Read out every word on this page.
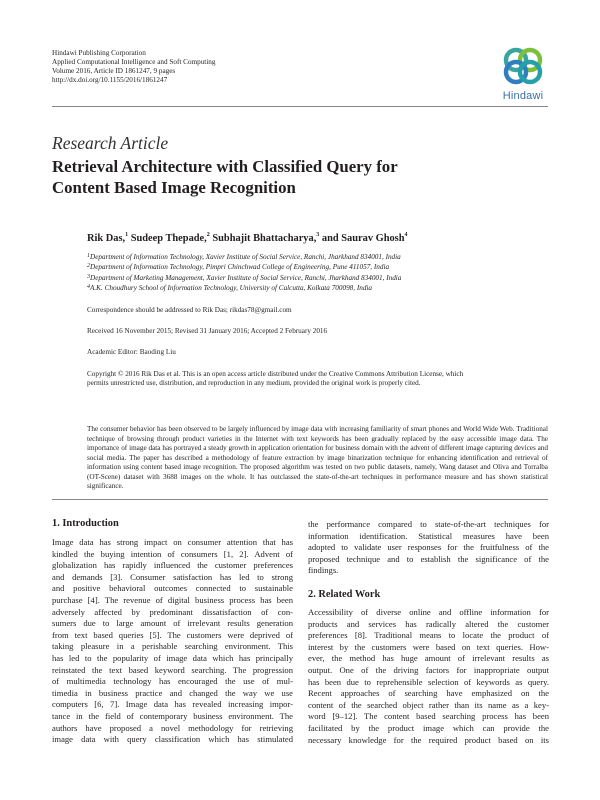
Hindawi Publishing Corporation
Applied Computational Intelligence and Soft Computing
Volume 2016, Article ID 1861247, 9 pages
http://dx.doi.org/10.1155/2016/1861247
Hindawi
Research Article
Retrieval Architecture with Classified Query for
Content Based Image Recognition
Rik Das,$^1$ Sudeep Thepade,$^2$ Subhajit Bhattacharya,$^3$ and Saurav Ghosh$^4$
$^1$Department of Information Technology, Xavier Institute of Social Service, Ranchi, Jharkhand 834001, India
$^2$Department of Information Technology, Pimpri Chinchwad College of Engineering, Pune 411057, India
$^3$Department of Marketing Management, Xavier Institute of Social Service, Ranchi, Jharkhand 834001, India
$^4$A.K. Choudhury School of Information Technology, University of Calcutta, Kolkata 700098, India
Correspondence should be addressed to Rik Das; rikdas78@gmail.com
Received 16 November 2015; Revised 31 January 2016; Accepted 2 February 2016
Academic Editor: Baoding Liu
Copyright © 2016 Rik Das et al. This is an open access article distributed under the Creative Commons Attribution License, which
permits unrestricted use, distribution, and reproduction in any medium, provided the original work is properly cited.
The consumer behavior has been observed to be largely influenced by image data with increasing familiarity of smart phones and World Wide Web. Traditional technique of browsing through product varieties in the Internet with text keywords has been gradually replaced by the easy accessible image data. The importance of image data has portrayed a steady growth in application orientation for business domain with the advent of different image capturing devices and social media. The paper has described a methodology of feature extraction by image binarization technique for enhancing identification and retrieval of information using content based image recognition. The proposed algorithm was tested on two public datasets, namely, Wang dataset and Oliva and Torralba (OT-Scene) dataset with 3688 images on the whole. It has outclassed the state-of-the-art techniques in performance measure and has shown statistical significance.
1. Introduction
Image data has strong impact on consumer attention that has
kindled the buying intention of consumers [1, 2]. Advent of
globalization has rapidly influenced the customer preferences
and demands [3]. Consumer satisfaction has led to strong
and positive behavioral outcomes connected to sustainable
purchase [4]. The revenue of digital business process has been
adversely affected by predominant dissatisfaction of con-
sumers due to large amount of irrelevant results generation
from text based queries [5]. The customers were deprived of
taking pleasure in a perishable searching environment. This
has led to the popularity of image data which has principally
reinstated the text based keyword searching. The progression
of multimedia technology has encouraged the use of mul-
timedia in business practice and changed the way we use
computers [6, 7]. Image data has revealed increasing impor-
tance in the field of contemporary business environment. The
authors have proposed a novel methodology for retrieving
image data with query classification which has stimulated
the performance compared to state-of-the-art techniques for
information identification. Statistical measures have been
adopted to validate user responses for the fruitfulness of the
proposed technique and to establish the significance of the
findings.
2. Related Work
Accessibility of diverse online and offline information for
products and services has radically altered the customer
preferences [8]. Traditional means to locate the product of
interest by the customers were based on text queries. How-
ever, the method has huge amount of irrelevant results as
output. One of the driving factors for inappropriate output
has been due to reprehensible selection of keywords as query.
Recent approaches of searching have emphasized on the
content of the searched object rather than its name as a key-
word [9–12]. The content based searching process has been
facilitated by the product image which can provide the
necessary knowledge for the required product based on its
